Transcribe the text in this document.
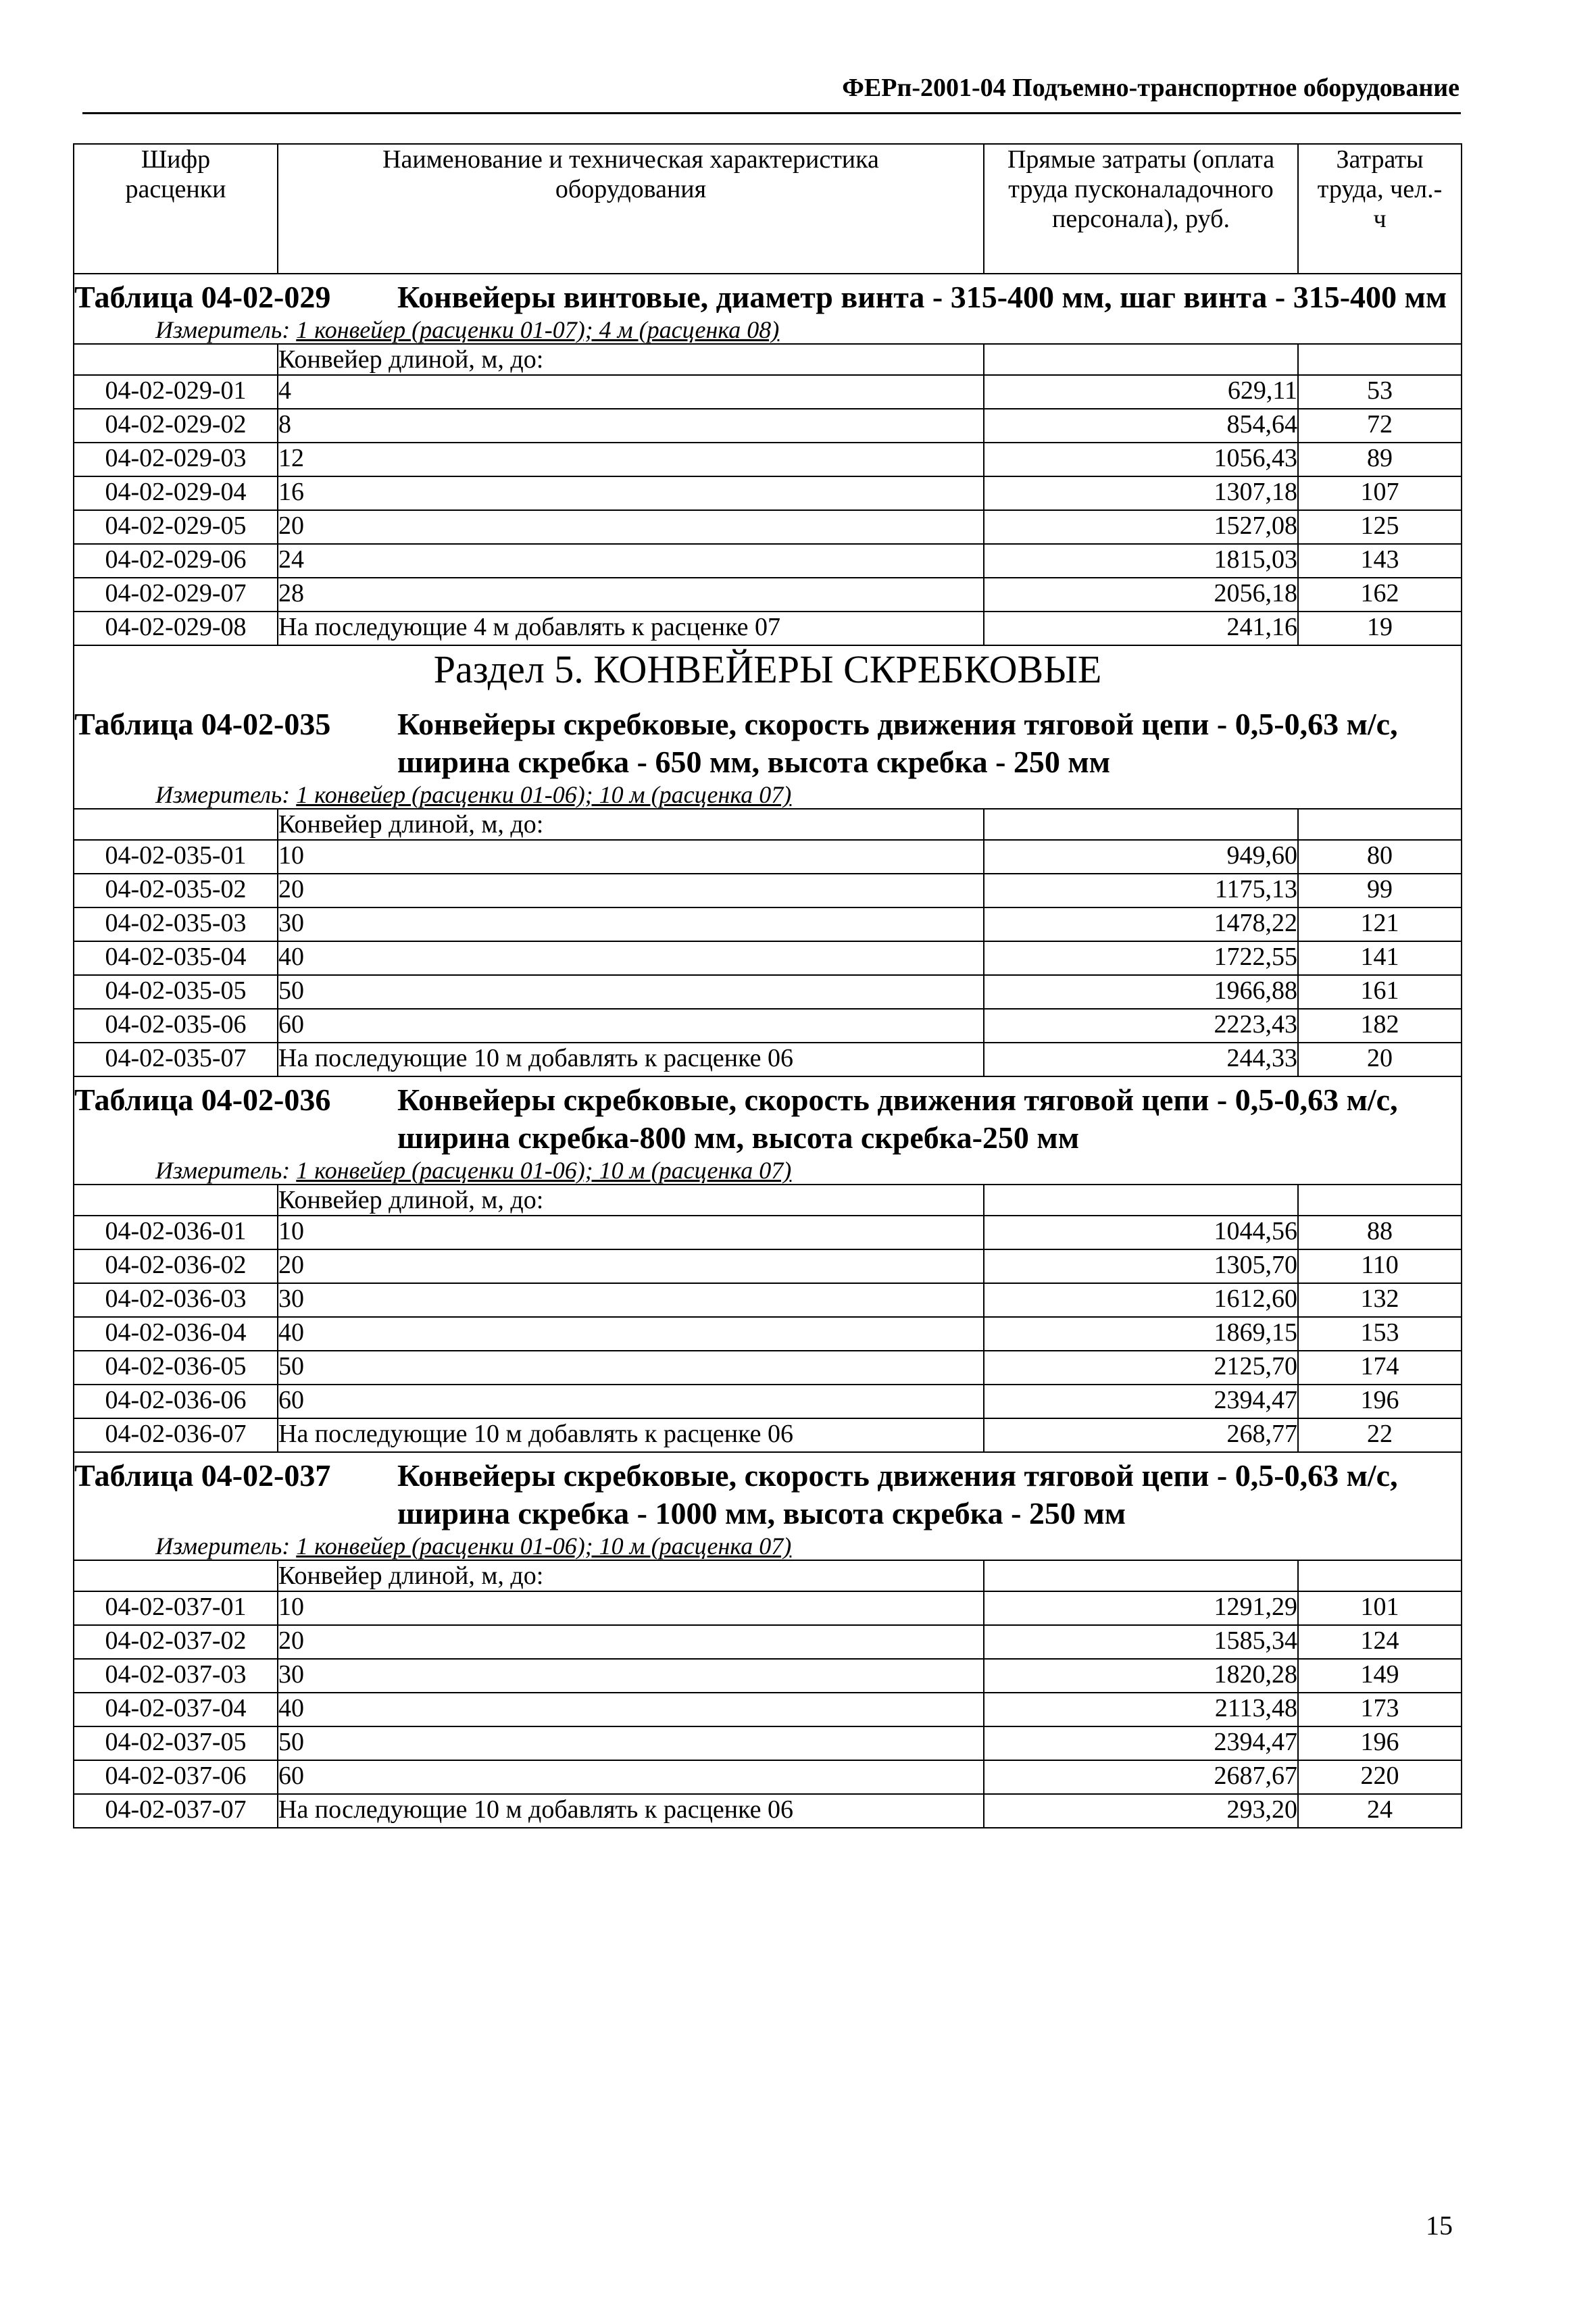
ФЕРп-2001-04 Подъемно-транспортное оборудование
Шифр расценки	Наименование и техническая характеристика оборудования	Прямые затраты (оплата труда пусконаладочного персонала), руб.	Затраты труда, чел.-ч

Таблица 04-02-029 Конвейеры винтовые, диаметр винта - 315-400 мм, шаг винта - 315-400 мм
Измеритель: 1 конвейер (расценки 01-07); 4 м (расценка 08)			

	Конвейер длиной, м, до:		
04-02-029-01	4	629,11	53
04-02-029-02	8	854,64	72
04-02-029-03	12	1056,43	89
04-02-029-04	16	1307,18	107
04-02-029-05	20	1527,08	125
04-02-029-06	24	1815,03	143
04-02-029-07	28	2056,18	162
04-02-029-08	На последующие 4 м добавлять к расценке 07	241,16	19
Раздел 5. КОНВЕЙЕРЫ СКРЕБКОВЫЕ			

Таблица 04-02-035 Конвейеры скребковые, скорость движения тяговой цепи - 0,5-0,63 м/с, ширина скребка - 650 мм, высота скребка - 250 мм
Измеритель: 1 конвейер (расценки 01-06); 10 м (расценка 07)			

	Конвейер длиной, м, до:		
04-02-035-01	10	949,60	80
04-02-035-02	20	1175,13	99
04-02-035-03	30	1478,22	121
04-02-035-04	40	1722,55	141
04-02-035-05	50	1966,88	161
04-02-035-06	60	2223,43	182
04-02-035-07	На последующие 10 м добавлять к расценке 06	244,33	20

Таблица 04-02-036 Конвейеры скребковые, скорость движения тяговой цепи - 0,5-0,63 м/с, ширина скребка-800 мм, высота скребка-250 мм
Измеритель: 1 конвейер (расценки 01-06); 10 м (расценка 07)			

	Конвейер длиной, м, до:		
04-02-036-01	10	1044,56	88
04-02-036-02	20	1305,70	110
04-02-036-03	30	1612,60	132
04-02-036-04	40	1869,15	153
04-02-036-05	50	2125,70	174
04-02-036-06	60	2394,47	196
04-02-036-07	На последующие 10 м добавлять к расценке 06	268,77	22

Таблица 04-02-037 Конвейеры скребковые, скорость движения тяговой цепи - 0,5-0,63 м/с, ширина скребка - 1000 мм, высота скребка - 250 мм
Измеритель: 1 конвейер (расценки 01-06); 10 м (расценка 07)			

	Конвейер длиной, м, до:		
04-02-037-01	10	1291,29	101
04-02-037-02	20	1585,34	124
04-02-037-03	30	1820,28	149
04-02-037-04	40	2113,48	173
04-02-037-05	50	2394,47	196
04-02-037-06	60	2687,67	220
04-02-037-07	На последующие 10 м добавлять к расценке 06	293,20	24
15
